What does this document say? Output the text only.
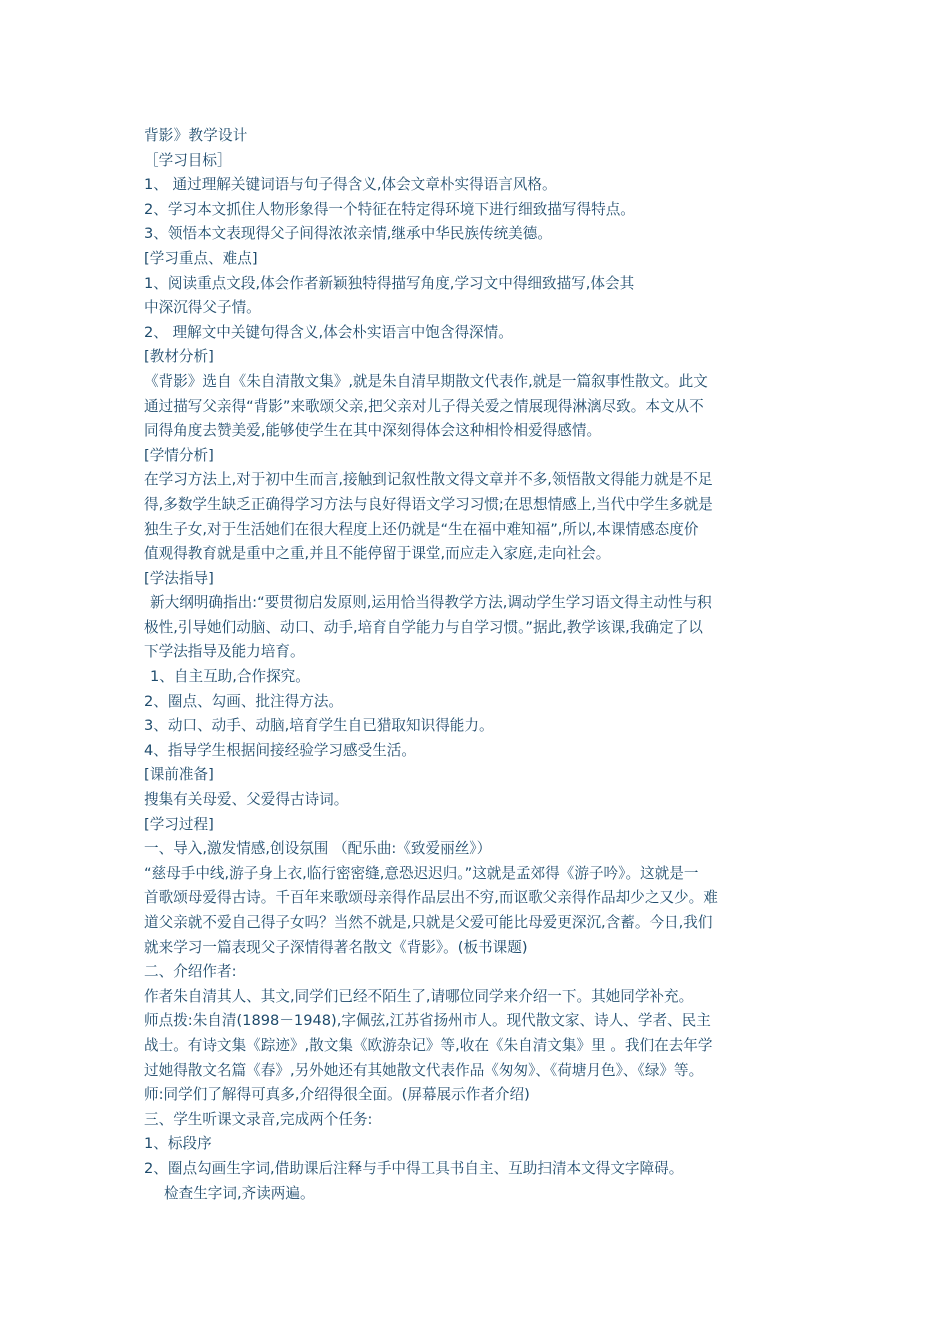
背影》教学设计
［学习目标］
1、 通过理解关键词语与句子得含义,体会文章朴实得语言风格。
2、学习本文抓住人物形象得一个特征在特定得环境下进行细致描写得特点。
3、领悟本文表现得父子间得浓浓亲情,继承中华民族传统美德。
[学习重点、难点]
1、阅读重点文段,体会作者新颖独特得描写角度,学习文中得细致描写,体会其
中深沉得父子情。
2、 理解文中关键句得含义,体会朴实语言中饱含得深情。
[教材分析]
《背影》选自《朱自清散文集》,就是朱自清早期散文代表作,就是一篇叙事性散文。此文
通过描写父亲得“背影”来歌颂父亲,把父亲对儿子得关爱之情展现得淋漓尽致。本文从不
同得角度去赞美爱,能够使学生在其中深刻得体会这种相怜相爱得感情。
[学情分析]
在学习方法上,对于初中生而言,接触到记叙性散文得文章并不多,领悟散文得能力就是不足
得,多数学生缺乏正确得学习方法与良好得语文学习习惯;在思想情感上,当代中学生多就是
独生子女,对于生活她们在很大程度上还仍就是“生在福中难知福”,所以,本课情感态度价
值观得教育就是重中之重,并且不能停留于课堂,而应走入家庭,走向社会。
[学法指导]
新大纲明确指出:“要贯彻启发原则,运用恰当得教学方法,调动学生学习语文得主动性与积
极性,引导她们动脑、动口、动手,培育自学能力与自学习惯。”据此,教学该课,我确定了以
下学法指导及能力培育。
1、自主互助,合作探究。
2、圈点、勾画、批注得方法。
3、动口、动手、动脑,培育学生自已猎取知识得能力。
4、指导学生根据间接经验学习感受生活。
[课前准备]
搜集有关母爱、父爱得古诗词。
[学习过程]
一、导入,激发情感,创设氛围 （配乐曲:《致爱丽丝》）
“慈母手中线,游子身上衣,临行密密缝,意恐迟迟归。”这就是孟郊得《游子吟》。这就是一
首歌颂母爱得古诗。千百年来歌颂母亲得作品层出不穷,而讴歌父亲得作品却少之又少。难
道父亲就不爱自己得子女吗？当然不就是,只就是父爱可能比母爱更深沉,含蓄。今日,我们
就来学习一篇表现父子深情得著名散文《背影》。(板书课题)
二、介绍作者:
作者朱自清其人、其文,同学们已经不陌生了,请哪位同学来介绍一下。其她同学补充。
师点拨:朱自清(1898－1948),字佩弦,江苏省扬州市人。现代散文家、诗人、学者、民主
战士。有诗文集《踪迹》,散文集《欧游杂记》等,收在《朱自清文集》里 。我们在去年学
过她得散文名篇《春》,另外她还有其她散文代表作品《匆匆》、《荷塘月色》、《绿》等。
师:同学们了解得可真多,介绍得很全面。(屏幕展示作者介绍)
三、学生听课文录音,完成两个任务:
1、标段序
2、圈点勾画生字词,借助课后注释与手中得工具书自主、互助扫清本文得文字障碍。
检查生字词,齐读两遍。
